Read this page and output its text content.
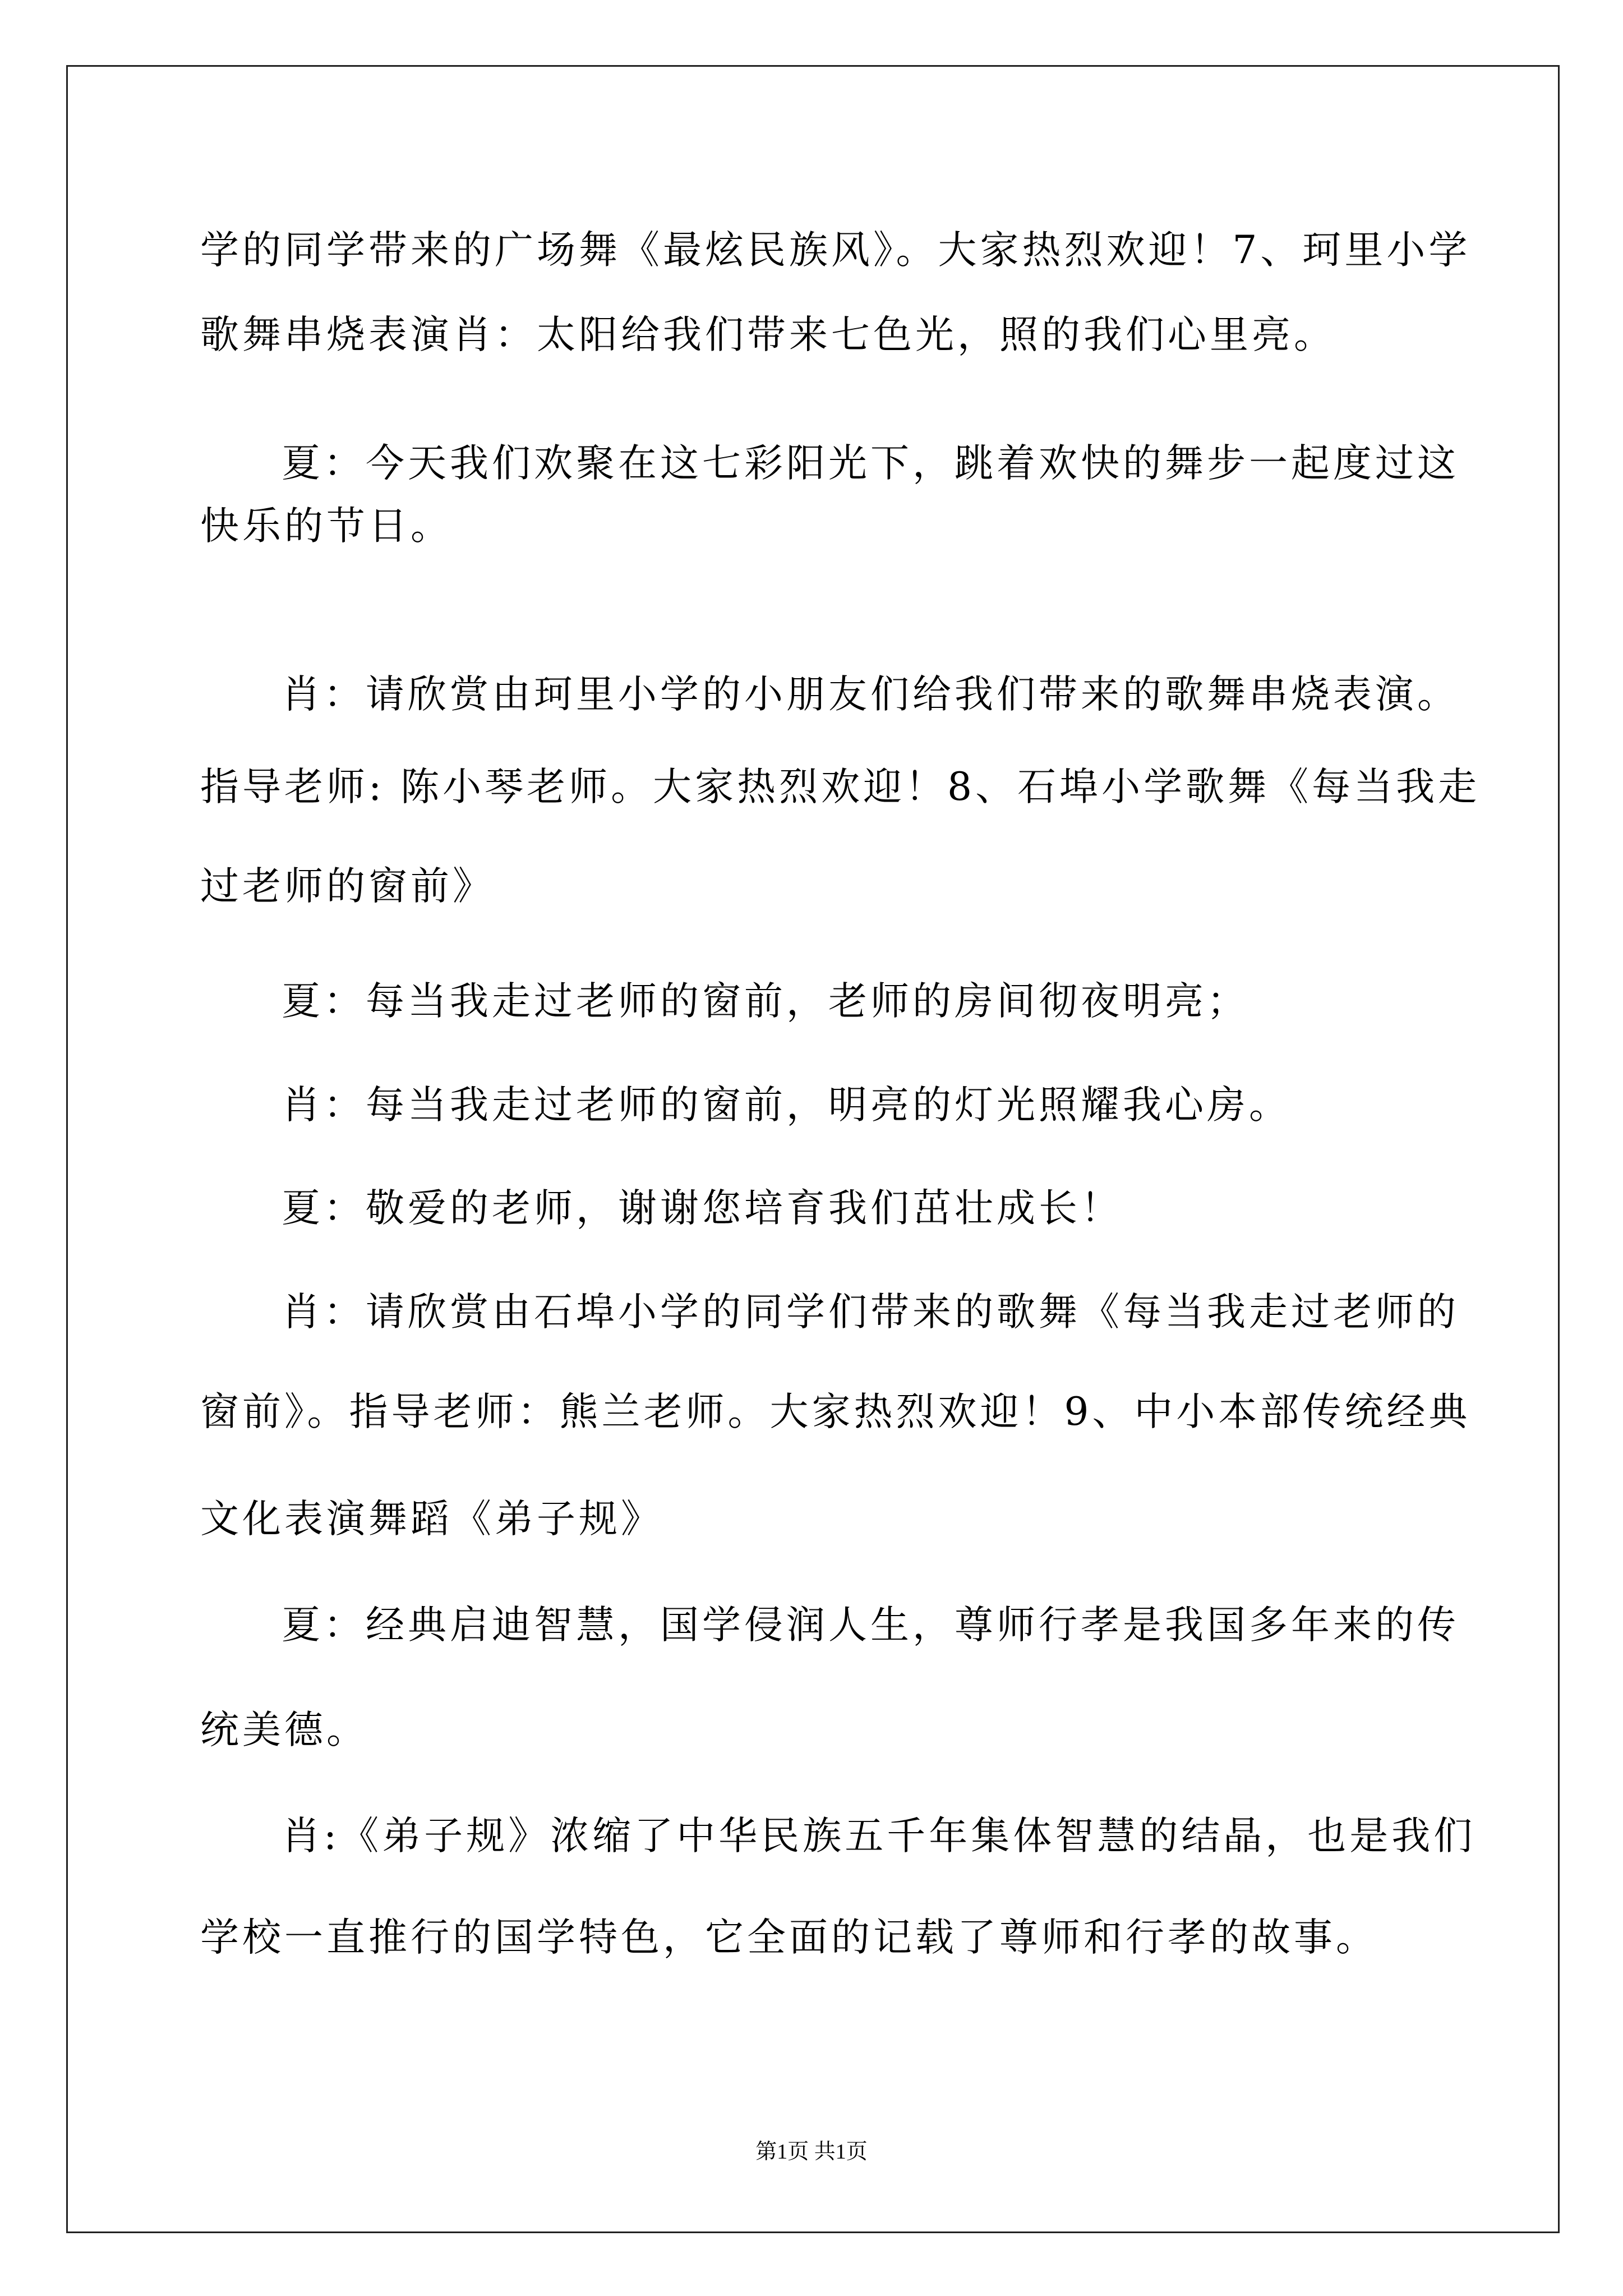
学的同学带来的广场舞《最炫民族风》。大家热烈欢迎！7、珂里小学
歌舞串烧表演肖：太阳给我们带来七色光，照的我们心里亮。
夏：今天我们欢聚在这七彩阳光下，跳着欢快的舞步一起度过这
快乐的节日。
肖：请欣赏由珂里小学的小朋友们给我们带来的歌舞串烧表演。
指导老师: 陈小琴老师。大家热烈欢迎！8、石埠小学歌舞《每当我走
过老师的窗前》
夏：每当我走过老师的窗前，老师的房间彻夜明亮；
肖：每当我走过老师的窗前，明亮的灯光照耀我心房。
夏：敬爱的老师，谢谢您培育我们茁壮成长！
肖：请欣赏由石埠小学的同学们带来的歌舞《每当我走过老师的
窗前》。指导老师：熊兰老师。大家热烈欢迎！9、中小本部传统经典
文化表演舞蹈《弟子规》
夏：经典启迪智慧，国学侵润人生，尊师行孝是我国多年来的传
统美德。
肖:《弟子规》浓缩了中华民族五千年集体智慧的结晶，也是我们
学校一直推行的国学特色，它全面的记载了尊师和行孝的故事。
第1页 共1页
